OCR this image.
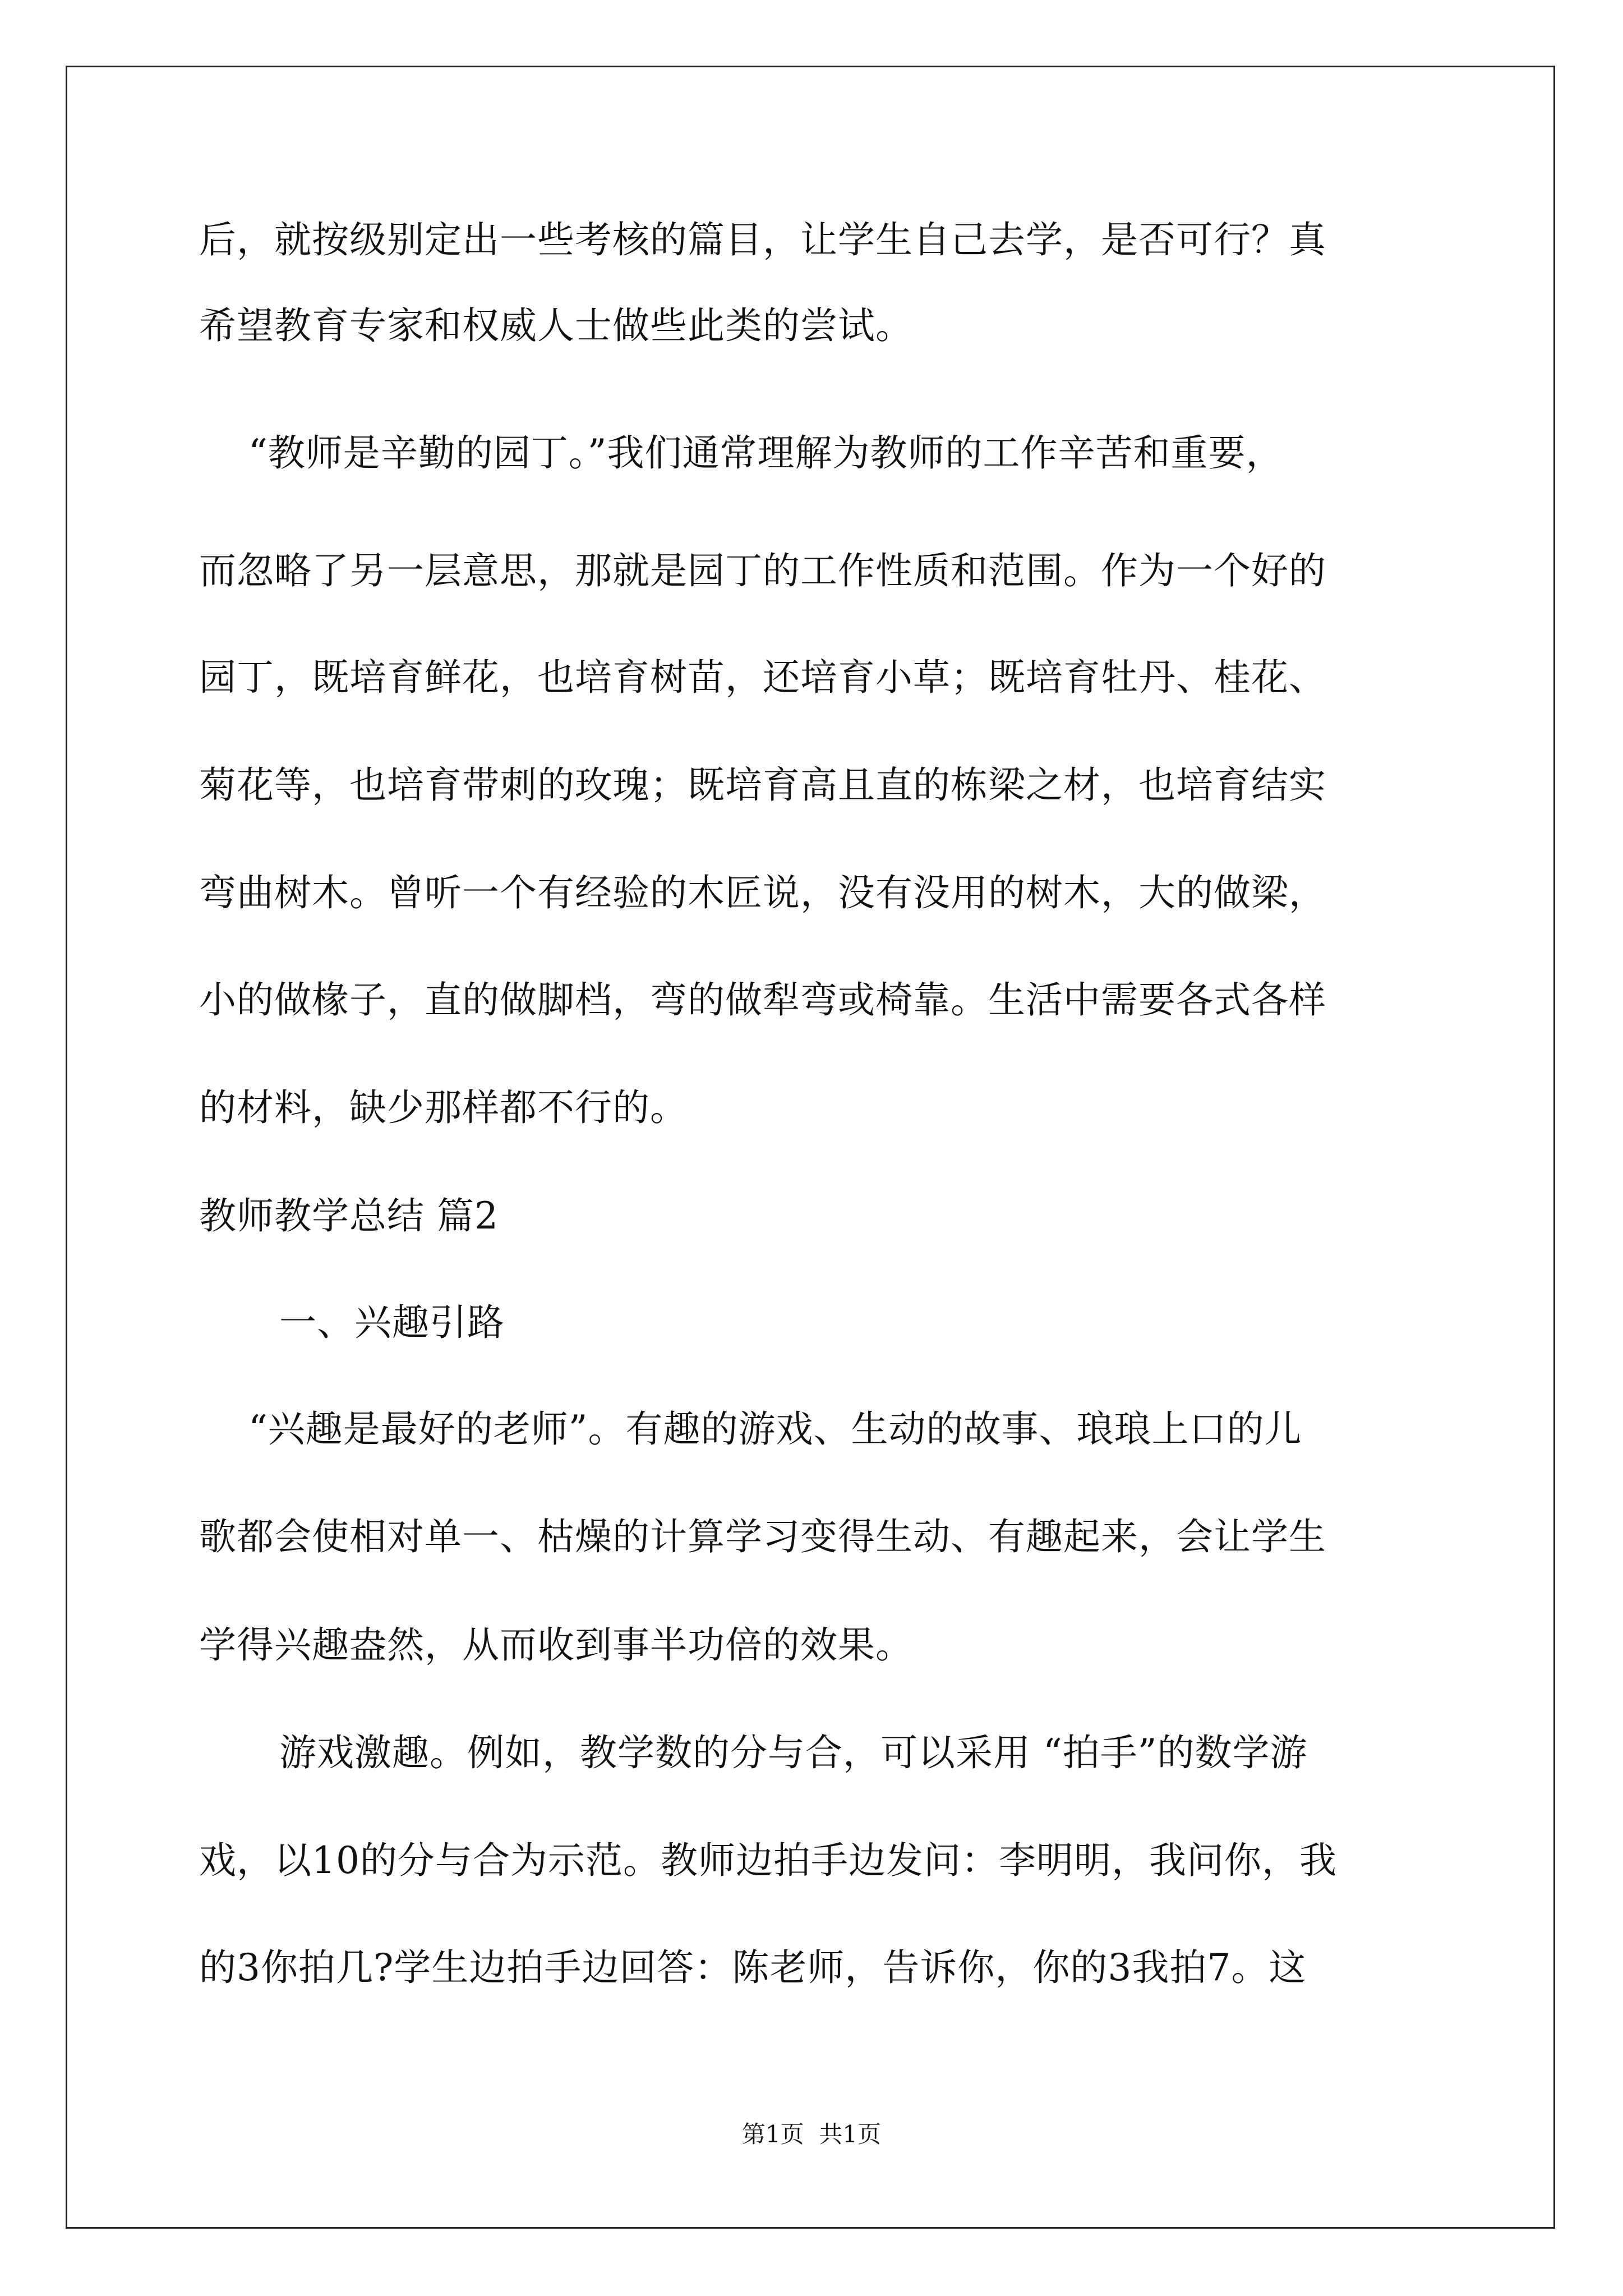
后，就按级别定出一些考核的篇目，让学生自己去学，是否可行？真
希望教育专家和权威人士做些此类的尝试。
“教师是辛勤的园丁。”我们通常理解为教师的工作辛苦和重要，
而忽略了另一层意思，那就是园丁的工作性质和范围。作为一个好的
园丁，既培育鲜花，也培育树苗，还培育小草；既培育牡丹、桂花、
菊花等，也培育带刺的玫瑰；既培育高且直的栋梁之材，也培育结实
弯曲树木。曾听一个有经验的木匠说，没有没用的树木，大的做梁，
小的做椽子，直的做脚档，弯的做犁弯或椅靠。生活中需要各式各样
的材料，缺少那样都不行的。
教师教学总结 篇2
一、兴趣引路
“兴趣是最好的老师”。有趣的游戏、生动的故事、琅琅上口的儿
歌都会使相对单一、枯燥的计算学习变得生动、有趣起来，会让学生
学得兴趣盎然，从而收到事半功倍的效果。
游戏激趣。例如，教学数的分与合，可以采用 “拍手”的数学游
戏，以10的分与合为示范。教师边拍手边发问：李明明，我问你，我
的3你拍几?学生边拍手边回答：陈老师，告诉你，你的3我拍7。这
第1页  共1页
